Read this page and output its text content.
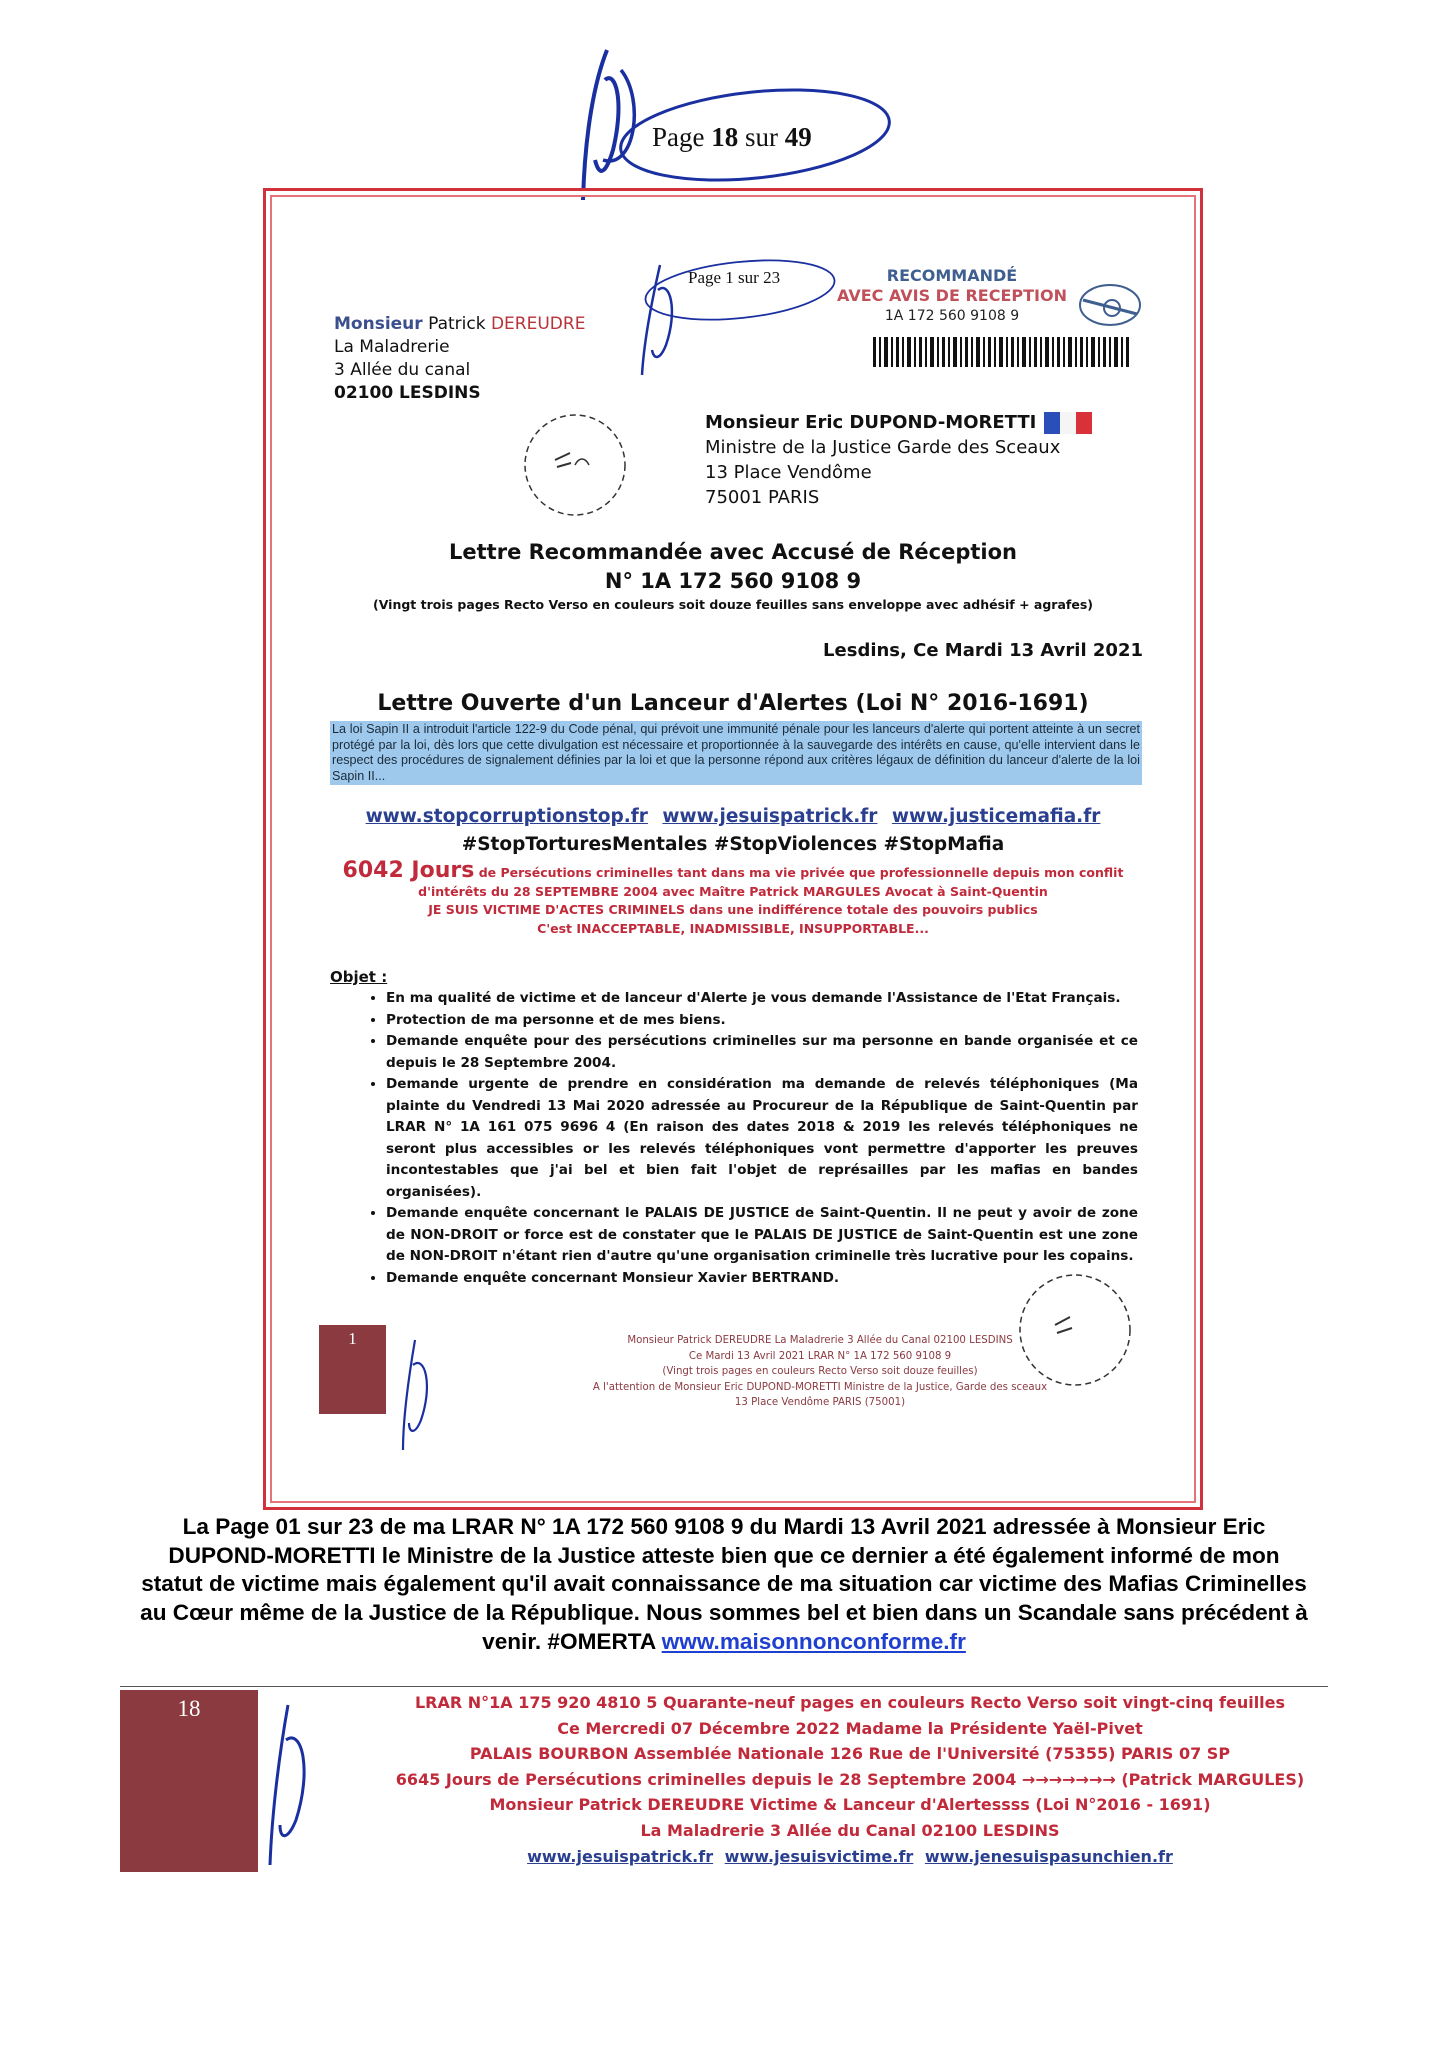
Page 18 sur 49
Page 1 sur 23	RECOMMANDÉ
AVEC AVIS DE RECEPTION
1A 172 560 9108 9
Monsieur Patrick DEREUDRE
La Maladrerie
3 Allée du canal
02100 LESDINS
Monsieur Eric DUPOND-MORETTI
Ministre de la Justice Garde des Sceaux
13 Place Vendôme
75001 PARIS
Lettre Recommandée avec Accusé de Réception
N° 1A 172 560 9108 9
(Vingt trois pages Recto Verso en couleurs soit douze feuilles sans enveloppe avec adhésif + agrafes)
Lesdins, Ce Mardi 13 Avril 2021
Lettre Ouverte d'un Lanceur d'Alertes (Loi N° 2016-1691)
La loi Sapin II a introduit l'article 122-9 du Code pénal, qui prévoit une immunité pénale pour les lanceurs d'alerte qui portent atteinte à un secret protégé par la loi, dès lors que cette divulgation est nécessaire et proportionnée à la sauvegarde des intérêts en cause, qu'elle intervient dans le respect des procédures de signalement définies par la loi et que la personne répond aux critères légaux de définition du lanceur d'alerte de la loi Sapin II...
www.stopcorruptionstop.fr www.jesuispatrick.fr www.justicemafia.fr
#StopTorturesMentales #StopViolences #StopMafia
6042 Jours de Persécutions criminelles tant dans ma vie privée que professionnelle depuis mon conflit
d'intérêts du 28 SEPTEMBRE 2004 avec Maître Patrick MARGULES Avocat à Saint-Quentin
JE SUIS VICTIME D'ACTES CRIMINELS dans une indifférence totale des pouvoirs publics
C'est INACCEPTABLE, INADMISSIBLE, INSUPPORTABLE...
Objet :
• En ma qualité de victime et de lanceur d'Alerte je vous demande l'Assistance de l'Etat Français.
• Protection de ma personne et de mes biens.
• Demande enquête pour des persécutions criminelles sur ma personne en bande organisée et ce depuis le 28 Septembre 2004.
• Demande urgente de prendre en considération ma demande de relevés téléphoniques (Ma plainte du Vendredi 13 Mai 2020 adressée au Procureur de la République de Saint-Quentin par LRAR N° 1A 161 075 9696 4 (En raison des dates 2018 & 2019 les relevés téléphoniques ne seront plus accessibles or les relevés téléphoniques vont permettre d'apporter les preuves incontestables que j'ai bel et bien fait l'objet de représailles par les mafias en bandes organisées).
• Demande enquête concernant le PALAIS DE JUSTICE de Saint-Quentin. Il ne peut y avoir de zone de NON-DROIT or force est de constater que le PALAIS DE JUSTICE de Saint-Quentin est une zone de NON-DROIT n'étant rien d'autre qu'une organisation criminelle très lucrative pour les copains.
• Demande enquête concernant Monsieur Xavier BERTRAND.
1	Monsieur Patrick DEREUDRE La Maladrerie 3 Allée du Canal 02100 LESDINS
Ce Mardi 13 Avril 2021 LRAR N° 1A 172 560 9108 9
(Vingt trois pages en couleurs Recto Verso soit douze feuilles)
A l'attention de Monsieur Eric DUPOND-MORETTI Ministre de la Justice, Garde des sceaux
13 Place Vendôme PARIS (75001)
La Page 01 sur 23 de ma LRAR N° 1A 172 560 9108 9 du Mardi 13 Avril 2021 adressée à Monsieur Eric DUPOND-MORETTI le Ministre de la Justice atteste bien que ce dernier a été également informé de mon statut de victime mais également qu'il avait connaissance de ma situation car victime des Mafias Criminelles au Cœur même de la Justice de la République. Nous sommes bel et bien dans un Scandale sans précédent à venir. #OMERTA www.maisonnonconforme.fr
18	LRAR N°1A 175 920 4810 5 Quarante-neuf pages en couleurs Recto Verso soit vingt-cinq feuilles
Ce Mercredi 07 Décembre 2022 Madame la Présidente Yaël-Pivet
PALAIS BOURBON Assemblée Nationale 126 Rue de l'Université (75355) PARIS 07 SP
6645 Jours de Persécutions criminelles depuis le 28 Septembre 2004 →→→→→→→ (Patrick MARGULES)
Monsieur Patrick DEREUDRE Victime & Lanceur d'Alertessss (Loi N°2016 - 1691)
La Maladrerie 3 Allée du Canal 02100 LESDINS
www.jesuispatrick.fr www.jesuisvictime.fr www.jenesuispasunchien.fr
